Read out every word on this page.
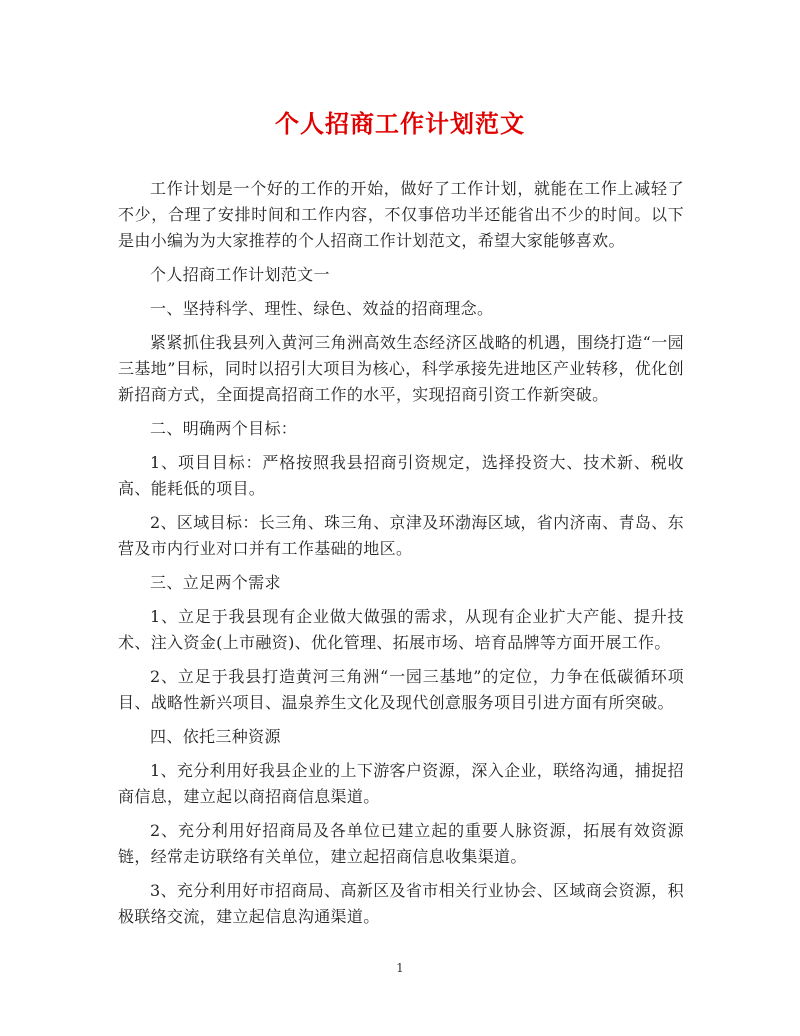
个人招商工作计划范文

工作计划是一个好的工作的开始，做好了工作计划，就能在工作上减轻了不少，合理了安排时间和工作内容，不仅事倍功半还能省出不少的时间。以下是由小编为为大家推荐的个人招商工作计划范文，希望大家能够喜欢。

个人招商工作计划范文一

一、坚持科学、理性、绿色、效益的招商理念。

紧紧抓住我县列入黄河三角洲高效生态经济区战略的机遇，围绕打造“一园三基地”目标，同时以招引大项目为核心，科学承接先进地区产业转移，优化创新招商方式，全面提高招商工作的水平，实现招商引资工作新突破。

二、明确两个目标：

1、项目目标：严格按照我县招商引资规定，选择投资大、技术新、税收高、能耗低的项目。

2、区域目标：长三角、珠三角、京津及环渤海区域，省内济南、青岛、东营及市内行业对口并有工作基础的地区。

三、立足两个需求

1、立足于我县现有企业做大做强的需求，从现有企业扩大产能、提升技术、注入资金(上市融资)、优化管理、拓展市场、培育品牌等方面开展工作。

2、立足于我县打造黄河三角洲“一园三基地”的定位，力争在低碳循环项目、战略性新兴项目、温泉养生文化及现代创意服务项目引进方面有所突破。

四、依托三种资源

1、充分利用好我县企业的上下游客户资源，深入企业，联络沟通，捕捉招商信息，建立起以商招商信息渠道。

2、充分利用好招商局及各单位已建立起的重要人脉资源，拓展有效资源链，经常走访联络有关单位，建立起招商信息收集渠道。

3、充分利用好市招商局、高新区及省市相关行业协会、区域商会资源，积极联络交流，建立起信息沟通渠道。

1
